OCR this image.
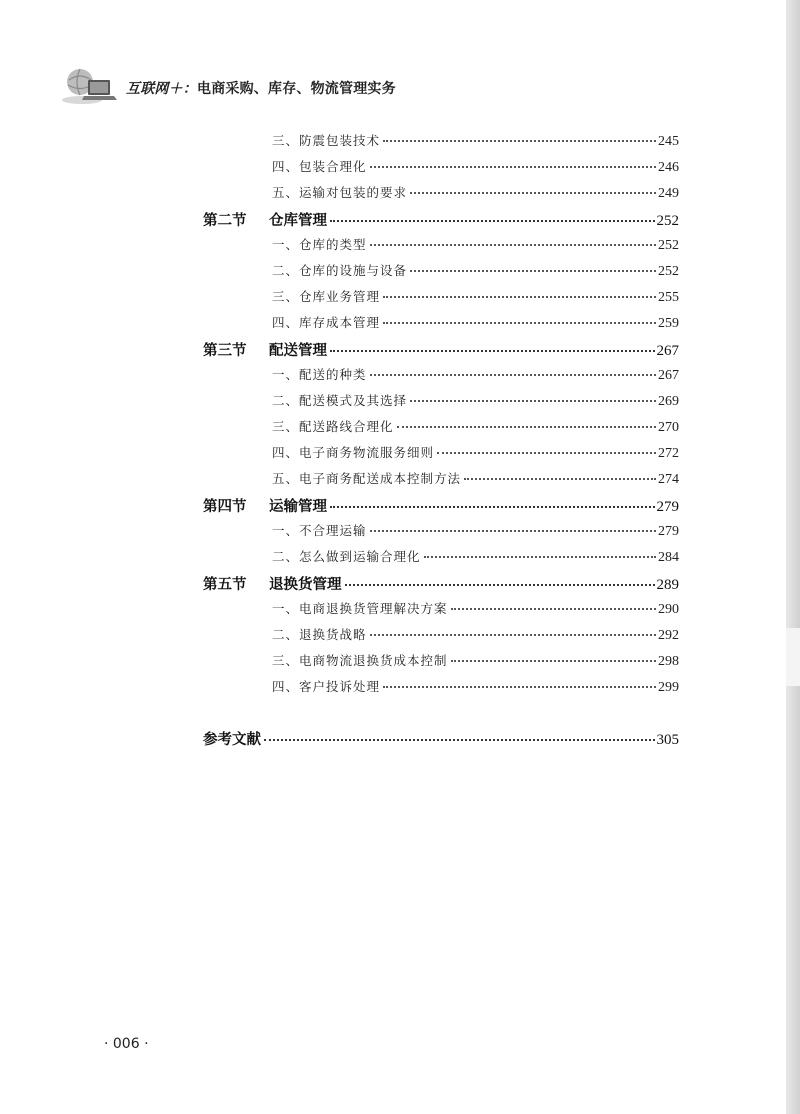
互联网＋：电商采购、库存、物流管理实务
三、防震包装技术	245
四、包装合理化	246
五、运输对包装的要求	249
第二节	仓库管理	252
一、仓库的类型	252
二、仓库的设施与设备	252
三、仓库业务管理	255
四、库存成本管理	259
第三节	配送管理	267
一、配送的种类	267
二、配送模式及其选择	269
三、配送路线合理化	270
四、电子商务物流服务细则	272
五、电子商务配送成本控制方法	274
第四节	运输管理	279
一、不合理运输	279
二、怎么做到运输合理化	284
第五节	退换货管理	289
一、电商退换货管理解决方案	290
二、退换货战略	292
三、电商物流退换货成本控制	298
四、客户投诉处理	299
参考文献	305
· 006 ·
